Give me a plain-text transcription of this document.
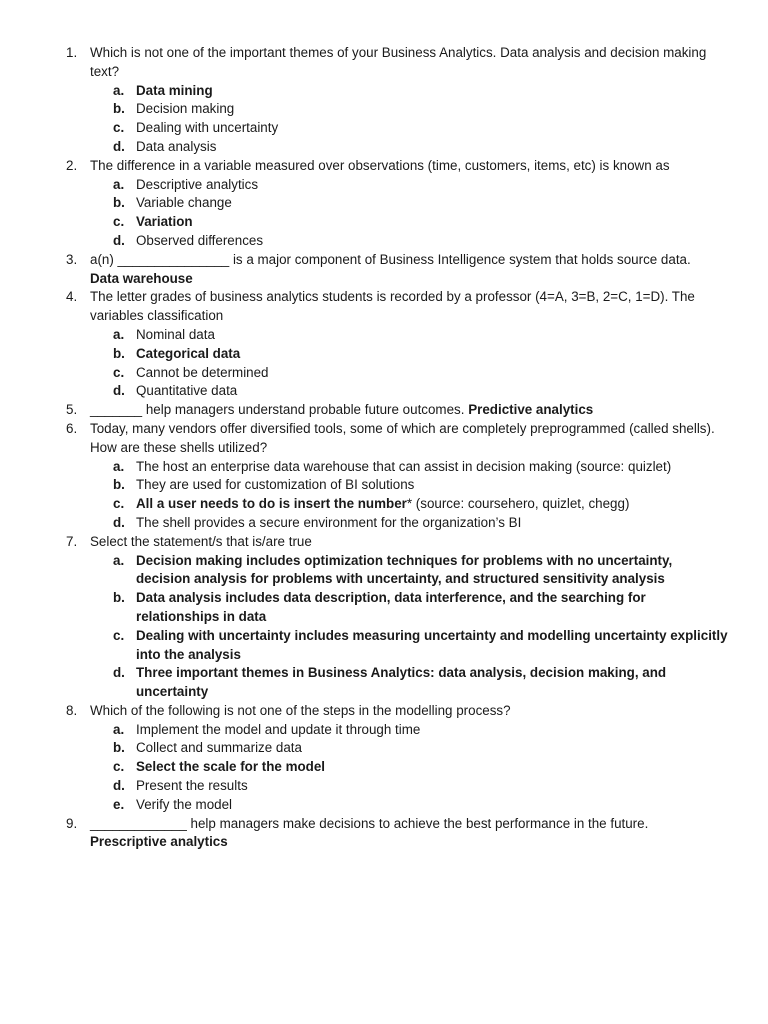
1. Which is not one of the important themes of your Business Analytics. Data analysis and decision making text?
a. Data mining
b. Decision making
c. Dealing with uncertainty
d. Data analysis
2. The difference in a variable measured over observations (time, customers, items, etc) is known as
a. Descriptive analytics
b. Variable change
c. Variation
d. Observed differences
3. a(n) _______________ is a major component of Business Intelligence system that holds source data.
Data warehouse
4. The letter grades of business analytics students is recorded by a professor (4=A, 3=B, 2=C, 1=D). The variables classification
a. Nominal data
b. Categorical data
c. Cannot be determined
d. Quantitative data
5. _______ help managers understand probable future outcomes. Predictive analytics
6. Today, many vendors offer diversified tools, some of which are completely preprogrammed (called shells). How are these shells utilized?
a. The host an enterprise data warehouse that can assist in decision making (source: quizlet)
b. They are used for customization of BI solutions
c. All a user needs to do is insert the number* (source: coursehero, quizlet, chegg)
d. The shell provides a secure environment for the organization’s BI
7. Select the statement/s that is/are true
a. Decision making includes optimization techniques for problems with no uncertainty, decision analysis for problems with uncertainty, and structured sensitivity analysis
b. Data analysis includes data description, data interference, and the searching for relationships in data
c. Dealing with uncertainty includes measuring uncertainty and modelling uncertainty explicitly into the analysis
d. Three important themes in Business Analytics: data analysis, decision making, and uncertainty
8. Which of the following is not one of the steps in the modelling process?
a. Implement the model and update it through time
b. Collect and summarize data
c. Select the scale for the model
d. Present the results
e. Verify the model
9. _____________ help managers make decisions to achieve the best performance in the future.
Prescriptive analytics
